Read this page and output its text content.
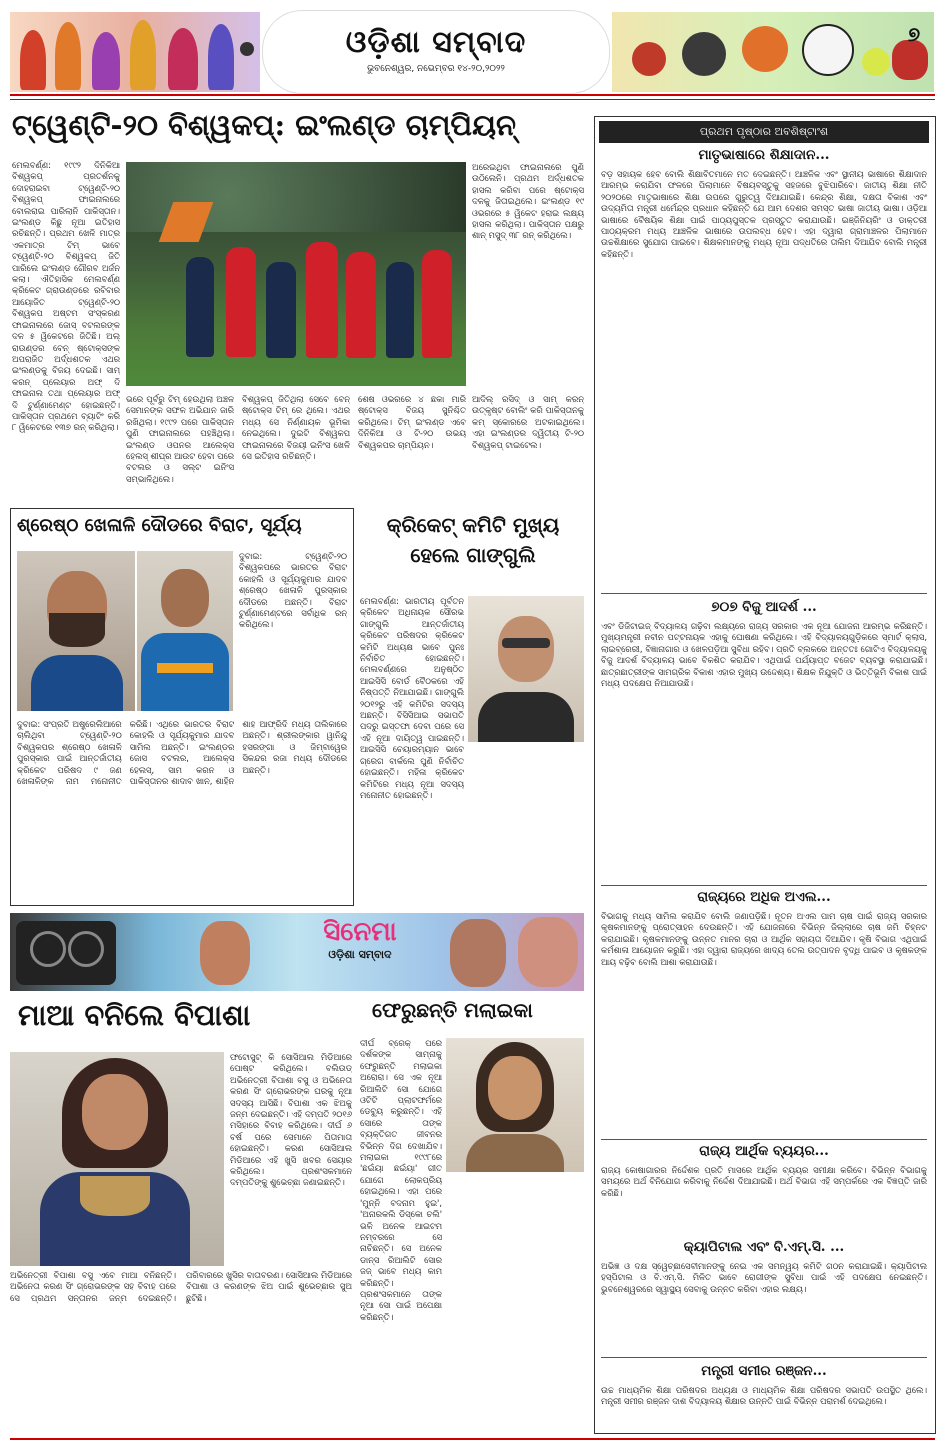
ଓଡ଼ିଶା ସମ୍ବାଦ
ଭୁବନେଶ୍ୱର, ନଭେମ୍ବର ୧୪-୨୦,୨୦୨୨
୭
ଟ୍ୱେଣ୍ଟି-୨୦ ବିଶ୍ୱକପ୍: ଇଂଲଣ୍ଡ ଚାମ୍ପିୟନ୍
ମେଲବର୍ଣ୍ଣ: ୧୯୯୨ ଦିନିକିଆ ବିଶ୍ୱକପ୍ ପ୍ରତର୍ଶନକୁ ଦୋହରାଇବା ଟ୍ୱେଣ୍ଟି-୨୦ ବିଶ୍ୱକପ୍ ଫାଇନାଲରେ ବୋଲରାଇ ପାରିଲାନି ପାକିସ୍ତାନ। ଇଂଲଣ୍ଡ କିଛୁ ନୂଆ ଇତିହାସ ରଚିଛନ୍ତି। ପ୍ରଥମ ଖେଳି ମାତ୍ର ଏକମାତ୍ର ଟିମ୍ ଭାବେ ଟ୍ୱେଣ୍ଟି-୨୦ ବିଶ୍ୱକପ୍ ଜିତି ପାରିଲେ ଇଂଲଣ୍ଡ ଗୌରବ ଅର୍ଜନ କଲା। ଐତିହାସିକ ମେଲବର୍ଣ୍ଣ କ୍ରିକେଟ ଗ୍ରାଉଣ୍ଡରେ ରବିବାର ଆୟୋଜିତ ଟ୍ୱେଣ୍ଟି-୨୦ ବିଶ୍ୱକପ ଅଷ୍ଟମ ସଂସ୍କରଣ ଫାଇନାଲରେ ଜୋସ୍ ବଟଲରଙ୍କ ଦଳ ୫ ୱିକେଟରେ ଜିତିଛି। ଅଲ୍ ରାଉଣ୍ଡର ବେନ୍ ଷ୍ଟୋକ୍ସଙ୍କ ଅପରାଜିତ ଅର୍ଦ୍ଧଶତକ ଏଥର ଇଂଲଣ୍ଡକୁ ବିଜୟ ଦେଇଛି। ସାମ୍ କରନ୍ ପ୍ଲେୟାର ଅଫ୍ ଦି ଫାଇନାଲ ତଥା ପ୍ଲେୟାର ଅଫ୍ ଦି ଟୁର୍ଣ୍ଣାମେଣ୍ଟ ହୋଇଛନ୍ତି। ପାକିସ୍ତାନ ପ୍ରଥମେ ବ୍ୟାଟିଂ କରି ୮ ୱିକେଟରେ ୧୩୭ ରନ୍ କରିଥିଲା।
ଅରେଇଥିବା ଫାଇନାଲରେ ପୁଣି ଉଠିଲେନି। ପ୍ରଥମ ଅର୍ଦ୍ଧଶତକ ହାସଲ କରିବା ପରେ ଷ୍ଟୋକ୍ସ ଦଳକୁ ଜିତାଇଥିଲେ। ଇଂଲଣ୍ଡ ୧୯ ଓଭରରେ ୫ ୱିକେଟ ହରାଇ ଲକ୍ଷ୍ୟ ହାସଲ କରିଥିଲା। ପାକିସ୍ତାନ ପକ୍ଷରୁ ଶାନ୍ ମସୁଦ୍ ୩୮ ରନ୍ କରିଥିଲେ।
ଭରେ ପୂର୍ବରୁ ଟିମ୍ ହେଉଥିଲା ଅଞ୍ଚଳ ସେମାନଙ୍କ ସଫଳ ଅଭିଯାନ ଜାରି ରଖିଥିଲା। ୧୯୯୨ ପରେ ପାକିସ୍ତାନ ପୁଣି ଫାଇନାଲରେ ପହଞ୍ଚିଥିଲା। ଇଂଲଣ୍ଡ ଓପନର ଆଲେକ୍ସ ହେଲସ୍ ଶୀଘ୍ର ଆଉଟ ହେବା ପରେ ବଟଲର ଓ ସଲ୍ଟ ଇନିଂସ ସମ୍ଭାଳିଥିଲେ।
ବିଶ୍ୱକପ୍ ଜିତିଥିଲା ସେବେ ବେନ୍ ଷ୍ଟୋକ୍ସ ଟିମ୍ ରେ ଥିଲେ। ଏଥର ମଧ୍ୟ ସେ ନିର୍ଣ୍ଣାୟକ ଭୂମିକା ନେଇଥିଲେ। ଦୁଇଟି ବିଶ୍ୱକପ ଫାଇନାଲରେ ବିଜୟୀ ଇନିଂସ ଖେଳି ସେ ଇତିହାସ ରଚିଛନ୍ତି।
ଶେଷ ଓଭରରେ ୪ ଛକା ମାରି ଷ୍ଟୋକ୍ସ ବିଜୟ ସୁନିଶ୍ଚିତ କରିଥିଲେ। ଟିମ୍ ଇଂଲଣ୍ଡ ଏବେ ଦିନିକିଆ ଓ ଟି-୨୦ ଉଭୟ ବିଶ୍ୱକପର ଚାମ୍ପିୟନ।
ଆଦିଲ୍ ରସିଦ୍ ଓ ସାମ୍ କରନ୍ ଉତ୍କୃଷ୍ଟ ବୋଲିଂ କରି ପାକିସ୍ତାନକୁ କମ୍ ସ୍କୋରରେ ଅଟକାଇଥିଲେ। ଏହା ଇଂଲଣ୍ଡର ଦ୍ୱିତୀୟ ଟି-୨୦ ବିଶ୍ୱକପ୍ ଟାଇଟେଲ।
ଶ୍ରେଷ୍ଠ ଖେଳାଳି ଦୌଡରେ ବିରାଟ, ସୂର୍ଯ୍ୟ
ଦୁବାଇ: ଟ୍ୱେଣ୍ଟି-୨୦ ବିଶ୍ୱକପରେ ଭାରତର ବିରାଟ କୋହଲି ଓ ସୂର୍ଯ୍ୟକୁମାର ଯାଦବ ଶ୍ରେଷ୍ଠ ଖେଳାଳି ପୁରସ୍କାର ଦୌଡରେ ଅଛନ୍ତି। ବିରାଟ ଟୁର୍ଣ୍ଣାମେଣ୍ଟରେ ସର୍ବାଧିକ ରନ୍ କରିଥିଲେ।
ଦୁବାଇ: ସଂପ୍ରତି ଅଷ୍ଟ୍ରେଲିଆରେ ଚାଲିଥିବା ଟ୍ୱେଣ୍ଟି-୨୦ ବିଶ୍ୱକପର ଶ୍ରେଷ୍ଠ ଖେଳାଳି ପୁରସ୍କାର ପାଇଁ ଆନ୍ତର୍ଜାତୀୟ କ୍ରିକେଟ ପରିଷଦ ୯ ଜଣ ଖେଳାଳିଙ୍କ ନାମ ମନୋନୀତ କରିଛି। ଏଥିରେ ଭାରତର ବିରାଟ କୋହଲି ଓ ସୂର୍ଯ୍ୟକୁମାର ଯାଦବ ସାମିଲ ଅଛନ୍ତି। ଇଂଲଣ୍ଡର ଜୋସ ବଟଲର, ଆଲେକ୍ସ ହେଲସ୍, ସାମ କରନ ଓ ପାକିସ୍ତାନର ଶାଦାବ ଖାନ, ଶାହିନ ଶାହ ଆଫ୍ରିଦି ମଧ୍ୟ ତାଲିକାରେ ଅଛନ୍ତି। ଶ୍ରୀଲଙ୍କାର ୱାନିନ୍ଦୁ ହସରଙ୍ଗା ଓ ଜିମ୍ବାୱେର ସିକନ୍ଦର ରଜା ମଧ୍ୟ ଦୌଡରେ ଅଛନ୍ତି।
କ୍ରିକେଟ୍ କମିଟି ମୁଖ୍ୟ ହେଲେ ଗାଙ୍ଗୁଲି
ମେଲବର୍ଣ୍ଣ: ଭାରତୀୟ ପୂର୍ବତନ କ୍ରିକେଟ ଅଧିନାୟକ ସୌରଭ ଗାଙ୍ଗୁଲି ଆନ୍ତର୍ଜାତୀୟ କ୍ରିକେଟ ପରିଷଦର କ୍ରିକେଟ କମିଟି ଅଧ୍ୟକ୍ଷ ଭାବେ ପୁନଃ ନିର୍ବାଚିତ ହୋଇଛନ୍ତି। ମେଲବର୍ଣ୍ଣରେ ଅନୁଷ୍ଠିତ ଆଇସିସି ବୋର୍ଡ ବୈଠକରେ ଏହି ନିଷ୍ପତ୍ତି ନିଆଯାଇଛି। ଗାଙ୍ଗୁଲି ୨୦୧୨ରୁ ଏହି କମିଟିର ସଦସ୍ୟ ଅଛନ୍ତି। ବିସିସିଆଇ ସଭାପତି ପଦରୁ ଇସ୍ତଫା ଦେବା ପରେ ସେ ଏହି ନୂଆ ଦାୟିତ୍ୱ ପାଇଛନ୍ତି। ଆଇସିସି ଚେୟାରମ୍ୟାନ ଭାବେ ଗ୍ରେଗ ବାର୍କଲେ ପୁଣି ନିର୍ବାଚିତ ହୋଇଛନ୍ତି। ମହିଳା କ୍ରିକେଟ କମିଟିରେ ମଧ୍ୟ ନୂଆ ସଦସ୍ୟ ମନୋନୀତ ହୋଇଛନ୍ତି।
ସିନେମା
ଓଡ଼ିଶା ସମ୍ବାଦ
ମାଆ ବନିଲେ ବିପାଶା
ଫଟୋସୁଟ୍ କି ସୋସିଆଲ ମିଡିଆରେ ପୋଷ୍ଟ କରିଥିଲେ। ବଲିଉଡ୍ ଅଭିନେତ୍ରୀ ବିପାଶା ବସୁ ଓ ଅଭିନେତା କରଣ ସିଂ ଗ୍ରୋଭରଙ୍କ ଘରକୁ ନୂଆ ସଦସ୍ୟ ଆସିଛି। ବିପାଶା ଏକ ଝିଅକୁ ଜନ୍ମ ଦେଇଛନ୍ତି। ଏହି ଦମ୍ପତି ୨୦୧୬ ମସିହାରେ ବିବାହ କରିଥିଲେ। ଦୀର୍ଘ ୬ ବର୍ଷ ପରେ ସେମାନେ ପିତାମାତା ହୋଇଛନ୍ତି। କରଣ ସୋସିଆଲ ମିଡିଆରେ ଏହି ଖୁସି ଖବର ସେୟାର କରିଥିଲେ। ପ୍ରଶଂସକମାନେ ଦମ୍ପତିଙ୍କୁ ଶୁଭେଚ୍ଛା ଜଣାଇଛନ୍ତି।
ଅଭିନେତ୍ରୀ ବିପାଶା ବସୁ ଏବେ ମାଆ ବନିଛନ୍ତି। ଅଭିନେତା କରଣ ସିଂ ଗ୍ରୋଭରଙ୍କ ସହ ବିବାହ ପରେ ସେ ପ୍ରଥମ ସନ୍ତାନର ଜନ୍ମ ଦେଇଛନ୍ତି। ପରିବାରରେ ଖୁସିର ବାତାବରଣ। ସୋସିଆଲ ମିଡିଆରେ ବିପାଶା ଓ କରଣଙ୍କ ଝିଅ ପାଇଁ ଶୁଭେଚ୍ଛାର ସୁଅ ଛୁଟିଛି।
ଫେରୁଛନ୍ତି ମଲାଇକା
ଦୀର୍ଘ ବ୍ରେକ୍ ପରେ ଦର୍ଶକଙ୍କ ସାମ୍ନାକୁ ଫେରୁଛନ୍ତି ମଲାଇକା ଅରୋରା। ସେ ଏକ ନୂଆ ରିଆଲିଟି ସୋ ଯୋଗେ ଓଟିଟି ପ୍ଲାଟଫର୍ମରେ ଡେବ୍ୟୁ କରୁଛନ୍ତି। ଏହି ସୋରେ ତାଙ୍କ ବ୍ୟକ୍ତିଗତ ଜୀବନର ବିଭିନ୍ନ ଦିଗ ଦେଖାଯିବ। ମଲାଇକା ୧୯୯୮ରେ 'ଛଇଁୟା ଛଇଁୟା' ଗୀତ ଯୋଗେ ଲୋକପ୍ରିୟ ହୋଇଥିଲେ। ଏହା ପରେ 'ମୁନ୍ନି ବଦନାମ ହୁଇ', 'ଅନାରକଲି ଡିସ୍କୋ ଚଲି' ଭଳି ଅନେକ ଆଇଟମ ନମ୍ବରରେ ସେ ନାଚିଛନ୍ତି। ସେ ଅନେକ ଡାନ୍ସ ରିଆଲିଟି ସୋର ଜଜ୍ ଭାବେ ମଧ୍ୟ କାମ କରିଛନ୍ତି। ପ୍ରଶଂସକମାନେ ତାଙ୍କ ନୂଆ ସୋ ପାଇଁ ଅପେକ୍ଷା କରିଛନ୍ତି।
ପ୍ରଥମ ପୃଷ୍ଠାର ଅବଶିଷ୍ଟାଂଶ
ମାତୃଭାଷାରେ ଶିକ୍ଷାଦାନ...
ବଡ଼ ସହାୟକ ହେବ ବୋଲି ଶିକ୍ଷାବିତମାନେ ମତ ଦେଇଛନ୍ତି। ଆଞ୍ଚଳିକ ଏବଂ ସ୍ଥାନୀୟ ଭାଷାରେ ଶିକ୍ଷାଦାନ ଆରମ୍ଭ କରାଯିବା ଫଳରେ ପିଲାମାନେ ବିଷୟବସ୍ତୁକୁ ସହଜରେ ବୁଝିପାରିବେ। ଜାତୀୟ ଶିକ୍ଷା ନୀତି ୨୦୨୦ରେ ମାତୃଭାଷାରେ ଶିକ୍ଷା ଉପରେ ଗୁରୁତ୍ୱ ଦିଆଯାଇଛି। କେନ୍ଦ୍ର ଶିକ୍ଷା, ଦକ୍ଷତା ବିକାଶ ଏବଂ ଉଦ୍ୟମିତା ମନ୍ତ୍ରୀ ଧର୍ମେନ୍ଦ୍ର ପ୍ରଧାନ କହିଛନ୍ତି ଯେ ଆମ ଦେଶର ସମସ୍ତ ଭାଷା ଜାତୀୟ ଭାଷା। ଓଡ଼ିଆ ଭାଷାରେ ବୈଷୟିକ ଶିକ୍ଷା ପାଇଁ ପାଠ୍ୟପୁସ୍ତକ ପ୍ରସ୍ତୁତ କରାଯାଉଛି। ଇଞ୍ଜିନିୟରିଂ ଓ ଡାକ୍ତରୀ ପାଠ୍ୟକ୍ରମ ମଧ୍ୟ ଆଞ୍ଚଳିକ ଭାଷାରେ ଉପଲବ୍ଧ ହେବ। ଏହା ଦ୍ୱାରା ଗ୍ରାମାଞ୍ଚଳର ପିଲାମାନେ ଉଚ୍ଚଶିକ୍ଷାରେ ସୁଯୋଗ ପାଇବେ। ଶିକ୍ଷକମାନଙ୍କୁ ମଧ୍ୟ ନୂଆ ପଦ୍ଧତିରେ ତାଲିମ ଦିଆଯିବ ବୋଲି ମନ୍ତ୍ରୀ କହିଛନ୍ତି।
୭୦୭ ବିଜୁ ଆଦର୍ଶ ...
ଏବଂ ଡିଜିଟାଇଜ୍ ବିଦ୍ୟାଳୟ ଗଢ଼ିବା ଲକ୍ଷ୍ୟରେ ରାଜ୍ୟ ସରକାର ଏକ ନୂଆ ଯୋଜନା ଆରମ୍ଭ କରିଛନ୍ତି। ମୁଖ୍ୟମନ୍ତ୍ରୀ ନବୀନ ପଟ୍ଟନାୟକ ଏହାକୁ ଘୋଷଣା କରିଥିଲେ। ଏହି ବିଦ୍ୟାଳୟଗୁଡ଼ିକରେ ସ୍ମାର୍ଟ କ୍ଲାସ, ଲାଇବ୍ରେରୀ, ବିଜ୍ଞାନାଗାର ଓ ଖେଳପଡ଼ିଆ ସୁବିଧା ରହିବ। ପ୍ରତି ବ୍ଲକରେ ଅନ୍ତତଃ ଗୋଟିଏ ବିଦ୍ୟାଳୟକୁ ବିଜୁ ଆଦର୍ଶ ବିଦ୍ୟାଳୟ ଭାବେ ବିକଶିତ କରାଯିବ। ଏଥିପାଇଁ ପର୍ଯ୍ୟାପ୍ତ ବଜେଟ ବ୍ୟବସ୍ଥା କରାଯାଇଛି। ଛାତ୍ରଛାତ୍ରୀଙ୍କ ସାମଗ୍ରିକ ବିକାଶ ଏହାର ମୁଖ୍ୟ ଉଦ୍ଦେଶ୍ୟ। ଶିକ୍ଷକ ନିଯୁକ୍ତି ଓ ଭିତ୍ତିଭୂମି ବିକାଶ ପାଇଁ ମଧ୍ୟ ପଦକ୍ଷେପ ନିଆଯାଉଛି।
ରାଜ୍ୟରେ ଅଧିକ ଅଏଲ...
ବିଭାଗକୁ ମଧ୍ୟ ସାମିଲ କରାଯିବ ବୋଲି ଜଣାପଡ଼ିଛି। ନୂତନ ଅଏଲ ପାମ ଚାଷ ପାଇଁ ରାଜ୍ୟ ସରକାର କୃଷକମାନଙ୍କୁ ପ୍ରୋତ୍ସାହନ ଦେଉଛନ୍ତି। ଏହି ଯୋଜନାରେ ବିଭିନ୍ନ ଜିଲ୍ଲାରେ ଚାଷ ଜମି ଚିହ୍ନଟ କରାଯାଇଛି। କୃଷକମାନଙ୍କୁ ଉନ୍ନତ ମାନର ଚାରା ଓ ଆର୍ଥିକ ସହାୟତା ଦିଆଯିବ। କୃଷି ବିଭାଗ ଏଥିପାଇଁ କର୍ମଶାଳା ଆୟୋଜନ କରୁଛି। ଏହା ଦ୍ୱାରା ରାଜ୍ୟରେ ଖାଦ୍ୟ ତେଲ ଉତ୍ପାଦନ ବୃଦ୍ଧି ପାଇବ ଓ କୃଷକଙ୍କ ଆୟ ବଢ଼ିବ ବୋଲି ଆଶା କରାଯାଉଛି।
ରାଜ୍ୟ ଆର୍ଥିକ ବ୍ୟୟର...
ରାଜ୍ୟ କୋଷାଗାରର ନିର୍ଦ୍ଦେଶକ ପ୍ରତି ମାସରେ ଆର୍ଥିକ ବ୍ୟୟର ସମୀକ୍ଷା କରିବେ। ବିଭିନ୍ନ ବିଭାଗକୁ ସମୟରେ ଅର୍ଥ ବିନିଯୋଗ କରିବାକୁ ନିର୍ଦ୍ଦେଶ ଦିଆଯାଇଛି। ଅର୍ଥ ବିଭାଗ ଏହି ସମ୍ପର୍କରେ ଏକ ବିଜ୍ଞପ୍ତି ଜାରି କରିଛି।
କ୍ୟାପିଟାଲ ଏବଂ ବି.ଏମ୍.ସି. ...
ଅଭିଜ୍ଞ ଓ ଦକ୍ଷ ସ୍ୱେଚ୍ଛାସେବୀମାନଙ୍କୁ ନେଇ ଏକ ସମନ୍ୱୟ କମିଟି ଗଠନ କରାଯାଇଛି। କ୍ୟାପିଟାଲ ହସ୍ପିଟାଲ ଓ ବି.ଏମ୍.ସି. ମିଳିତ ଭାବେ ରୋଗୀଙ୍କ ସୁବିଧା ପାଇଁ ଏହି ପଦକ୍ଷେପ ନେଇଛନ୍ତି। ଭୁବନେଶ୍ୱରରେ ସ୍ୱାସ୍ଥ୍ୟ ସେବାକୁ ଉନ୍ନତ କରିବା ଏହାର ଲକ୍ଷ୍ୟ।
ମନ୍ତ୍ରୀ ସମୀର ରଞ୍ଜନ...
ଉଚ୍ଚ ମାଧ୍ୟମିକ ଶିକ୍ଷା ପରିଷଦର ଅଧ୍ୟକ୍ଷ ଓ ମାଧ୍ୟମିକ ଶିକ୍ଷା ପରିଷଦର ସଭାପତି ଉପସ୍ଥିତ ଥିଲେ। ମନ୍ତ୍ରୀ ସମୀର ରଞ୍ଜନ ଦାଶ ବିଦ୍ୟାଳୟ ଶିକ୍ଷାର ଉନ୍ନତି ପାଇଁ ବିଭିନ୍ନ ପରାମର୍ଶ ଦେଇଥିଲେ।
